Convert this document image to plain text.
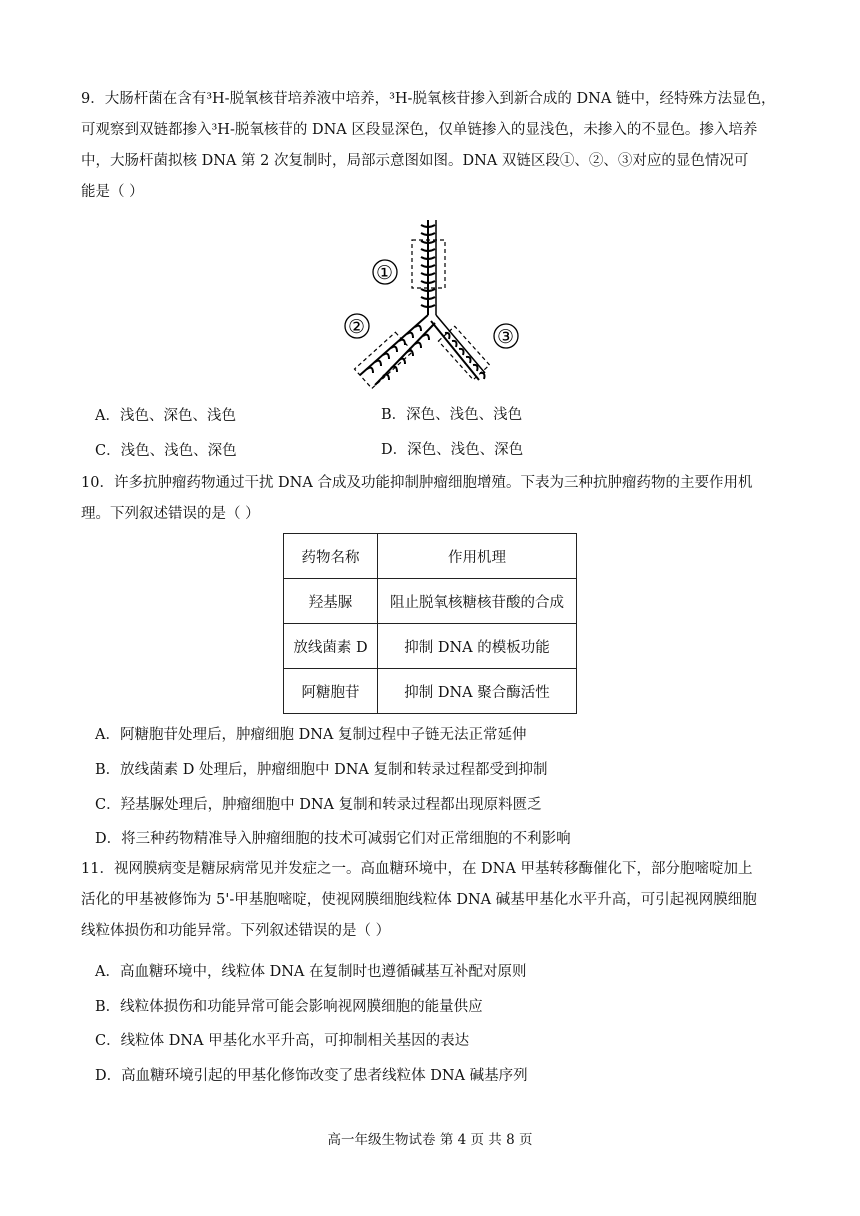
9．大肠杆菌在含有³H-脱氧核苷培养液中培养，³H-脱氧核苷掺入到新合成的 DNA 链中，经特殊方法显色，
可观察到双链都掺入³H-脱氧核苷的 DNA 区段显深色，仅单链掺入的显浅色，未掺入的不显色。掺入培养
中，大肠杆菌拟核 DNA 第 2 次复制时，局部示意图如图。DNA 双链区段①、②、③对应的显色情况可
能是（ ）
①
②	③
A．浅色、深色、浅色	B．深色、浅色、浅色
C．浅色、浅色、深色	D．深色、浅色、深色
10．许多抗肿瘤药物通过干扰 DNA 合成及功能抑制肿瘤细胞增殖。下表为三种抗肿瘤药物的主要作用机
理。下列叙述错误的是（ ）
药物名称	作用机理
羟基脲	阻止脱氧核糖核苷酸的合成
放线菌素 D	抑制 DNA 的模板功能
阿糖胞苷	抑制 DNA 聚合酶活性
A．阿糖胞苷处理后，肿瘤细胞 DNA 复制过程中子链无法正常延伸
B．放线菌素 D 处理后，肿瘤细胞中 DNA 复制和转录过程都受到抑制
C．羟基脲处理后，肿瘤细胞中 DNA 复制和转录过程都出现原料匮乏
D．将三种药物精准导入肿瘤细胞的技术可减弱它们对正常细胞的不利影响
11．视网膜病变是糖尿病常见并发症之一。高血糖环境中，在 DNA 甲基转移酶催化下，部分胞嘧啶加上
活化的甲基被修饰为 5'-甲基胞嘧啶，使视网膜细胞线粒体 DNA 碱基甲基化水平升高，可引起视网膜细胞
线粒体损伤和功能异常。下列叙述错误的是（ ）
A．高血糖环境中，线粒体 DNA 在复制时也遵循碱基互补配对原则
B．线粒体损伤和功能异常可能会影响视网膜细胞的能量供应
C．线粒体 DNA 甲基化水平升高，可抑制相关基因的表达
D．高血糖环境引起的甲基化修饰改变了患者线粒体 DNA 碱基序列
高一年级生物试卷 第 4 页 共 8 页
